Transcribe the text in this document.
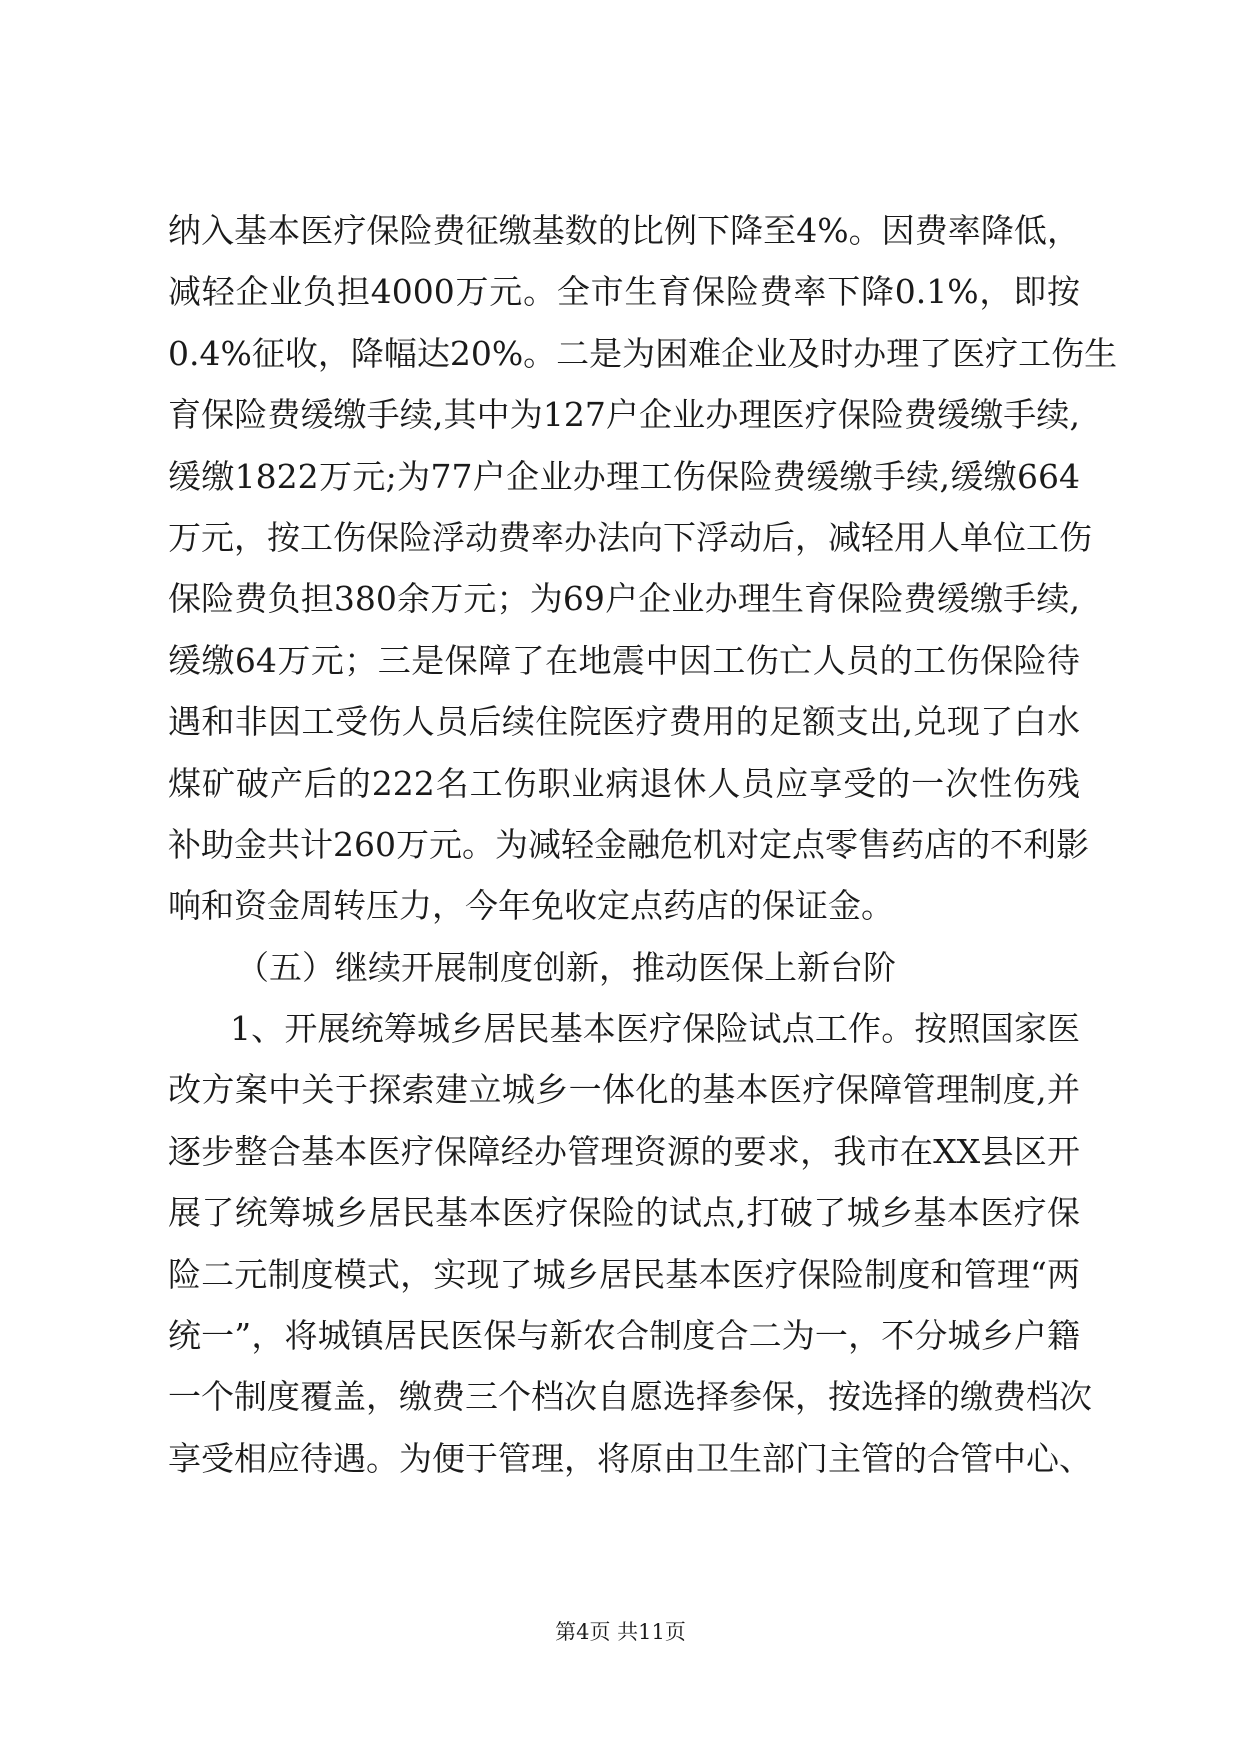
纳入基本医疗保险费征缴基数的比例下降至4%。因费率降低，
减轻企业负担4000万元。全市生育保险费率下降0.1%，即按
0.4%征收，降幅达20%。二是为困难企业及时办理了医疗工伤生
育保险费缓缴手续,其中为127户企业办理医疗保险费缓缴手续,
缓缴1822万元;为77户企业办理工伤保险费缓缴手续,缓缴664
万元，按工伤保险浮动费率办法向下浮动后，减轻用人单位工伤
保险费负担380余万元；为69户企业办理生育保险费缓缴手续,
缓缴64万元；三是保障了在地震中因工伤亡人员的工伤保险待
遇和非因工受伤人员后续住院医疗费用的足额支出,兑现了白水
煤矿破产后的222名工伤职业病退休人员应享受的一次性伤残
补助金共计260万元。为减轻金融危机对定点零售药店的不利影
响和资金周转压力，今年免收定点药店的保证金。
（五）继续开展制度创新，推动医保上新台阶
1、开展统筹城乡居民基本医疗保险试点工作。按照国家医
改方案中关于探索建立城乡一体化的基本医疗保障管理制度,并
逐步整合基本医疗保障经办管理资源的要求，我市在XX县区开
展了统筹城乡居民基本医疗保险的试点,打破了城乡基本医疗保
险二元制度模式，实现了城乡居民基本医疗保险制度和管理“两
统一”，将城镇居民医保与新农合制度合二为一，不分城乡户籍
一个制度覆盖，缴费三个档次自愿选择参保，按选择的缴费档次
享受相应待遇。为便于管理，将原由卫生部门主管的合管中心、
第4页 共11页
